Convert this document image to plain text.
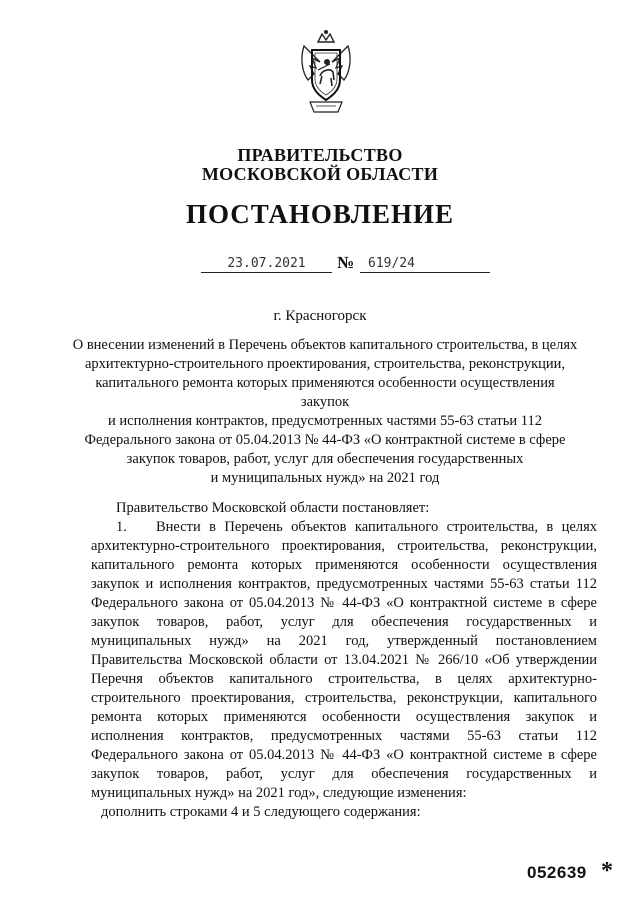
ПРАВИТЕЛЬСТВО
МОСКОВСКОЙ ОБЛАСТИ
ПОСТАНОВЛЕНИЕ
23.07.2021	№	619/24
г. Красногорск
О внесении изменений в Перечень объектов капитального строительства, в целях
архитектурно-строительного проектирования, строительства, реконструкции,
капитального ремонта которых применяются особенности осуществления закупок
и исполнения контрактов, предусмотренных частями 55-63 статьи 112
Федерального закона от 05.04.2013 № 44-ФЗ «О контрактной системе в сфере
закупок товаров, работ, услуг для обеспечения государственных
и муниципальных нужд» на 2021 год

Правительство Московской области постановляет:

1. Внести в Перечень объектов капитального строительства, в целях архитектурно-строительного проектирования, строительства, реконструкции, капитального ремонта которых применяются особенности осуществления закупок и исполнения контрактов, предусмотренных частями 55-63 статьи 112 Федерального закона от 05.04.2013 № 44-ФЗ «О контрактной системе в сфере закупок товаров, работ, услуг для обеспечения государственных и муниципальных нужд» на 2021 год, утвержденный постановлением Правительства Московской области от 13.04.2021 № 266/10 «Об утверждении Перечня объектов капитального строительства, в целях архитектурно-строительного проектирования, строительства, реконструкции, капитального ремонта которых применяются особенности осуществления закупок и исполнения контрактов, предусмотренных частями 55-63 статьи 112 Федерального закона от 05.04.2013 № 44-ФЗ «О контрактной системе в сфере закупок товаров, работ, услуг для обеспечения государственных и муниципальных нужд» на 2021 год», следующие изменения:

дополнить строками 4 и 5 следующего содержания:

052639 *
